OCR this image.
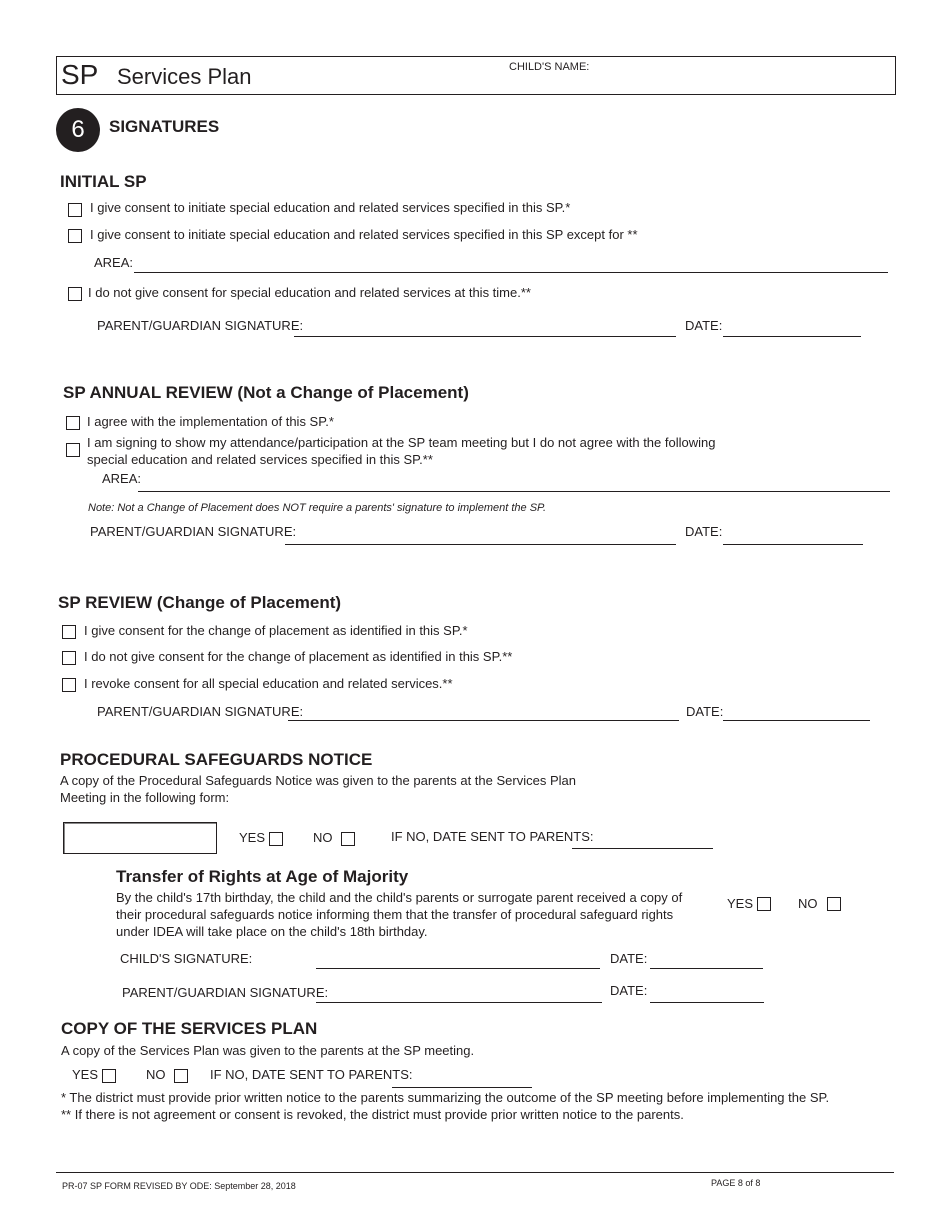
SP Services Plan	CHILD'S NAME:
6	SIGNATURES
INITIAL SP
I give consent to initiate special education and related services specified in this SP.*
I give consent to initiate special education and related services specified in this SP except for **
AREA:
I do not give consent for special education and related services at this time.**
PARENT/GUARDIAN SIGNATURE:	DATE:
SP ANNUAL REVIEW (Not a Change of Placement)
I agree with the implementation of this SP.*
I am signing to show my attendance/participation at the SP team meeting but I do not agree with the following
special education and related services specified in this SP.**
AREA:
Note: Not a Change of Placement does NOT require a parents' signature to implement the SP.
PARENT/GUARDIAN SIGNATURE:	DATE:
SP REVIEW (Change of Placement)
I give consent for the change of placement as identified in this SP.*
I do not give consent for the change of placement as identified in this SP.**
I revoke consent for all special education and related services.**
PARENT/GUARDIAN SIGNATURE:	DATE:
PROCEDURAL SAFEGUARDS NOTICE
A copy of the Procedural Safeguards Notice was given to the parents at the Services Plan
Meeting in the following form:
YES	NO	IF NO, DATE SENT TO PARENTS:
Transfer of Rights at Age of Majority
By the child's 17th birthday, the child and the child's parents or surrogate parent received a copy of
their procedural safeguards notice informing them that the transfer of procedural safeguard rights
under IDEA will take place on the child's 18th birthday.
YES	NO
CHILD'S SIGNATURE:	DATE:
PARENT/GUARDIAN SIGNATURE:	DATE:
COPY OF THE SERVICES PLAN
A copy of the Services Plan was given to the parents at the SP meeting.
YES	NO	IF NO, DATE SENT TO PARENTS:
* The district must provide prior written notice to the parents summarizing the outcome of the SP meeting before implementing the SP.
** If there is not agreement or consent is revoked, the district must provide prior written notice to the parents.
PR-07 SP FORM REVISED BY ODE: September 28, 2018	PAGE 8 of 8
